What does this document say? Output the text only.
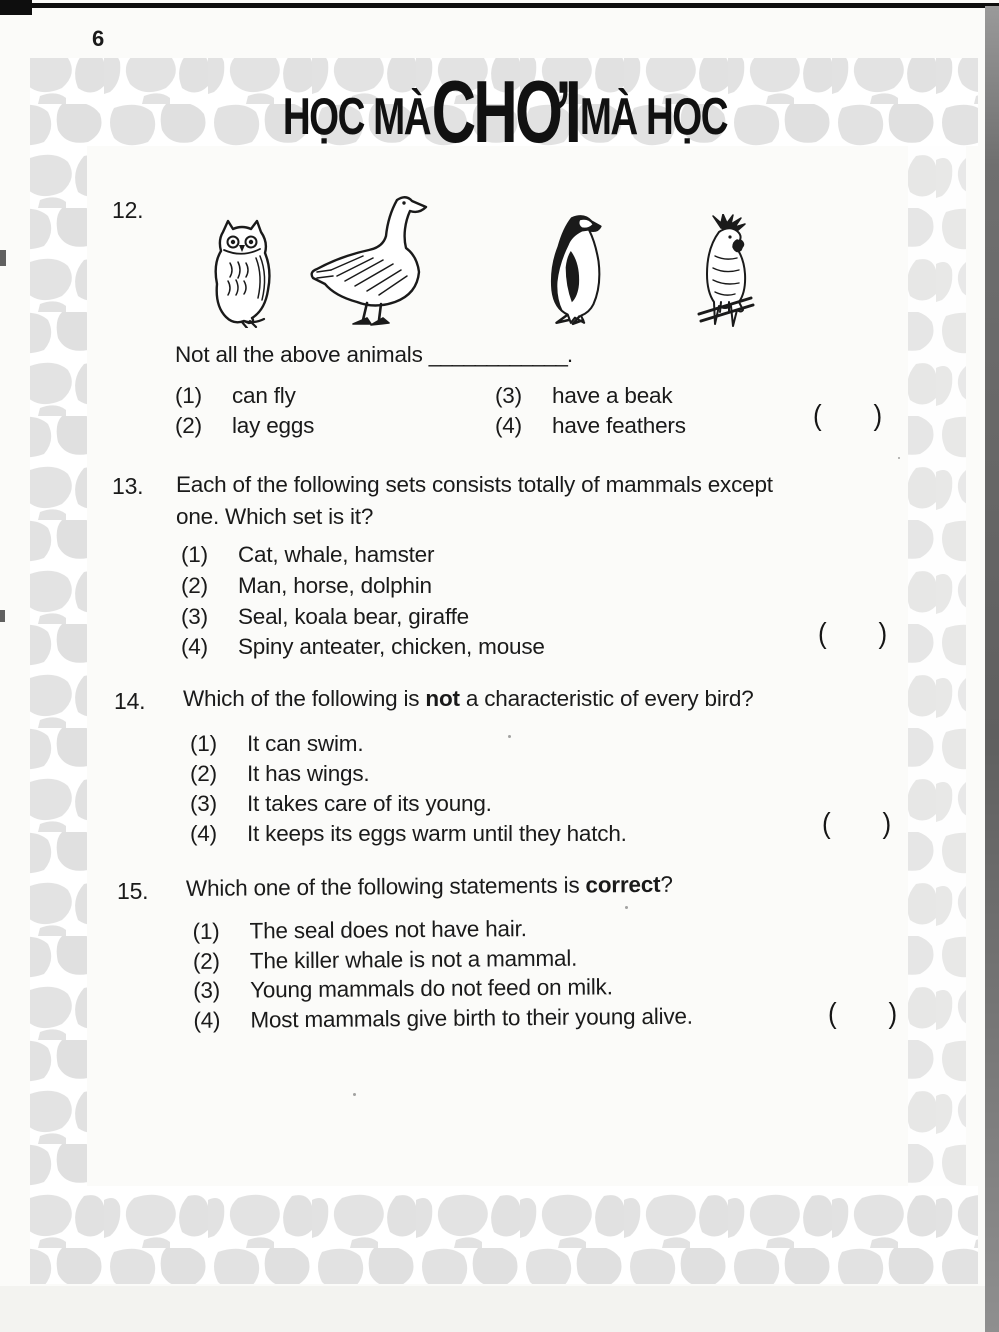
6
HỌC MÀ CHƠI MÀ HỌC
12.
Not all the above animals ____________.
(1) can fly
(2) lay eggs
(3) have a beak
(4) have feathers	( )
13. Each of the following sets consists totally of mammals except
one. Which set is it?
(1) Cat, whale, hamster
(2) Man, horse, dolphin
(3) Seal, koala bear, giraffe
(4) Spiny anteater, chicken, mouse	( )
14. Which of the following is not a characteristic of every bird?
(1) It can swim.
(2) It has wings.
(3) It takes care of its young.
(4) It keeps its eggs warm until they hatch.	( )
15. Which one of the following statements is correct?
(1) The seal does not have hair.
(2) The killer whale is not a mammal.
(3) Young mammals do not feed on milk.
(4) Most mammals give birth to their young alive.	( )
